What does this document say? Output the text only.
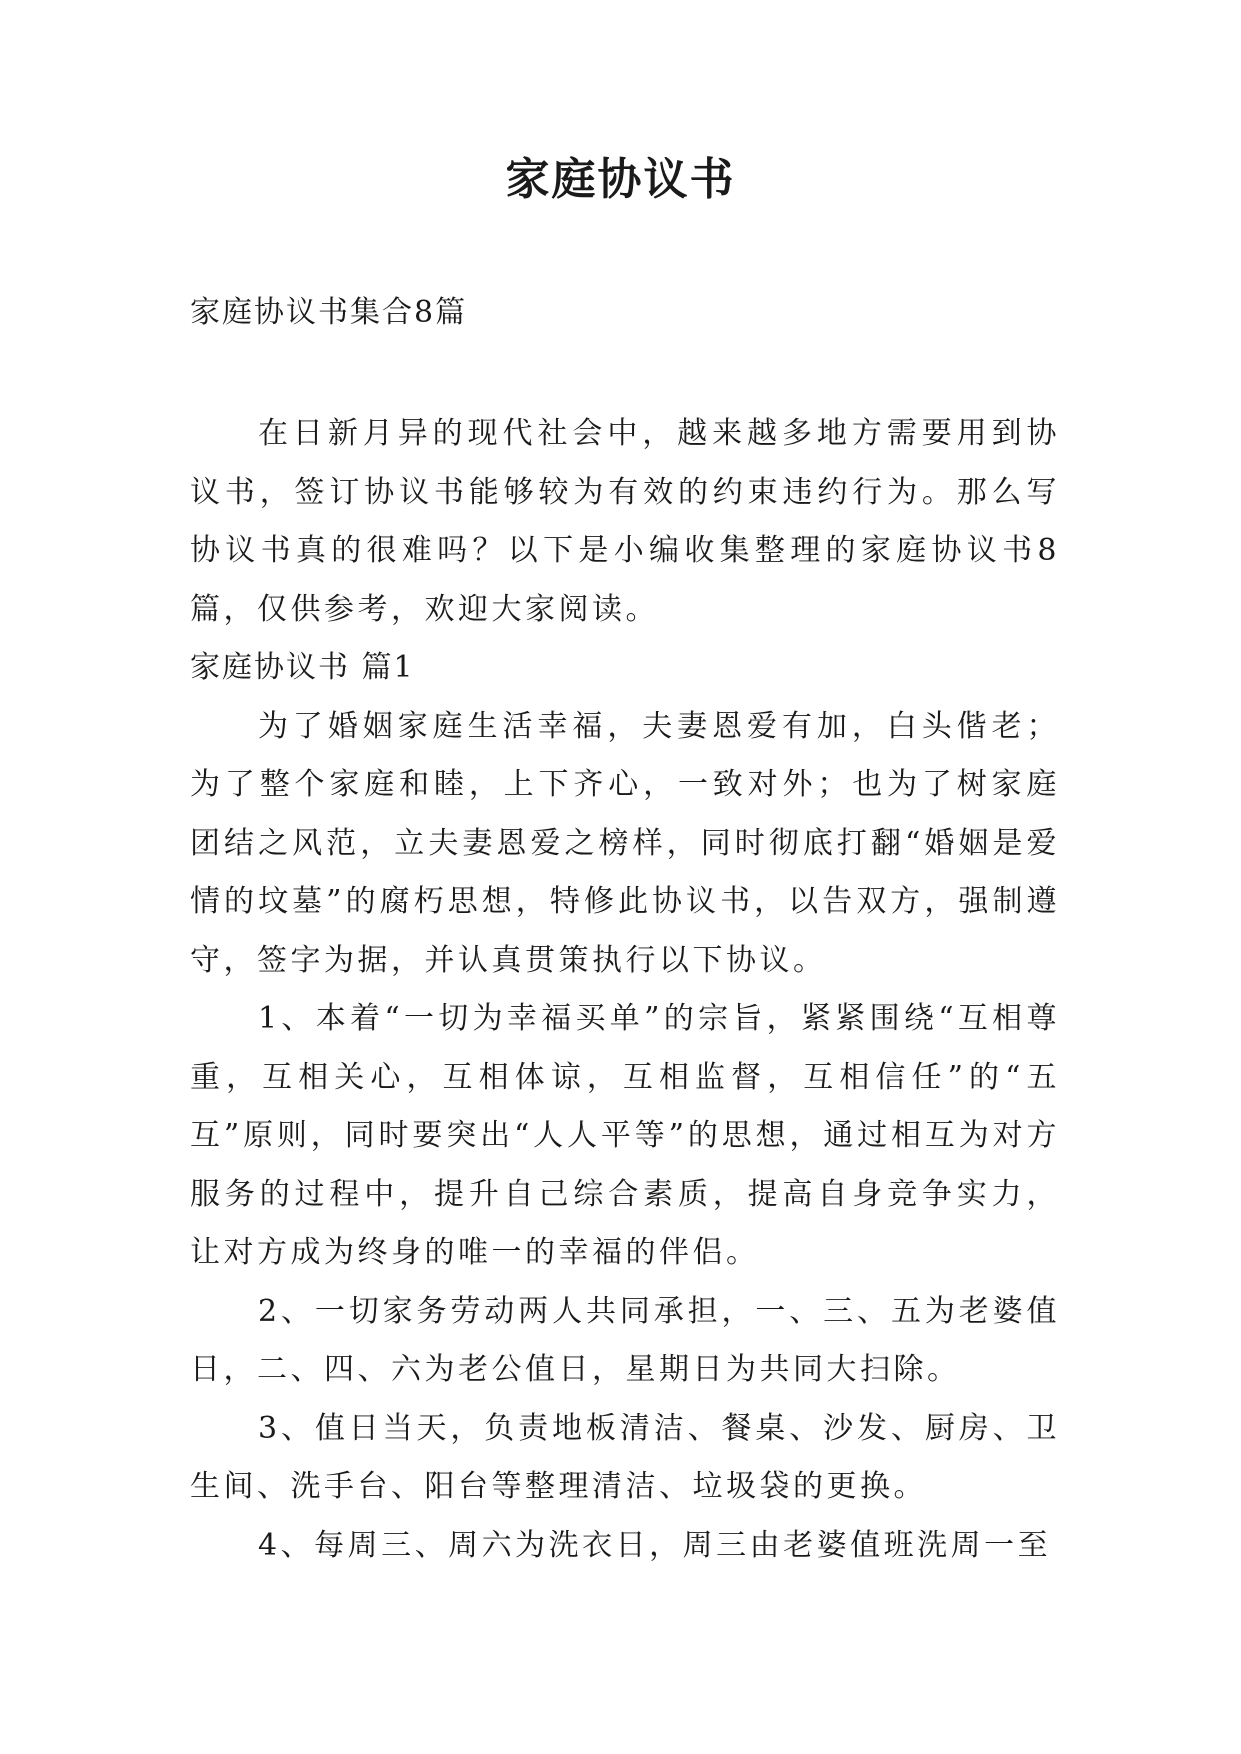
家庭协议书
家庭协议书集合8篇

在日新月异的现代社会中，越来越多地方需要用到协议书，签订协议书能够较为有效的约束违约行为。那么写协议书真的很难吗？以下是小编收集整理的家庭协议书8篇，仅供参考，欢迎大家阅读。

家庭协议书 篇1

为了婚姻家庭生活幸福，夫妻恩爱有加，白头偕老；为了整个家庭和睦，上下齐心，一致对外；也为了树家庭团结之风范，立夫妻恩爱之榜样，同时彻底打翻“婚姻是爱情的坟墓”的腐朽思想，特修此协议书，以告双方，强制遵守，签字为据，并认真贯策执行以下协议。

1、本着“一切为幸福买单”的宗旨，紧紧围绕“互相尊重，互相关心，互相体谅，互相监督，互相信任”的“五互”原则，同时要突出“人人平等”的思想，通过相互为对方服务的过程中，提升自己综合素质，提高自身竞争实力，让对方成为终身的唯一的幸福的伴侣。

2、一切家务劳动两人共同承担，一、三、五为老婆值日，二、四、六为老公值日，星期日为共同大扫除。

3、值日当天，负责地板清洁、餐桌、沙发、厨房、卫生间、洗手台、阳台等整理清洁、垃圾袋的更换。

4、每周三、周六为洗衣日，周三由老婆值班洗周一至
